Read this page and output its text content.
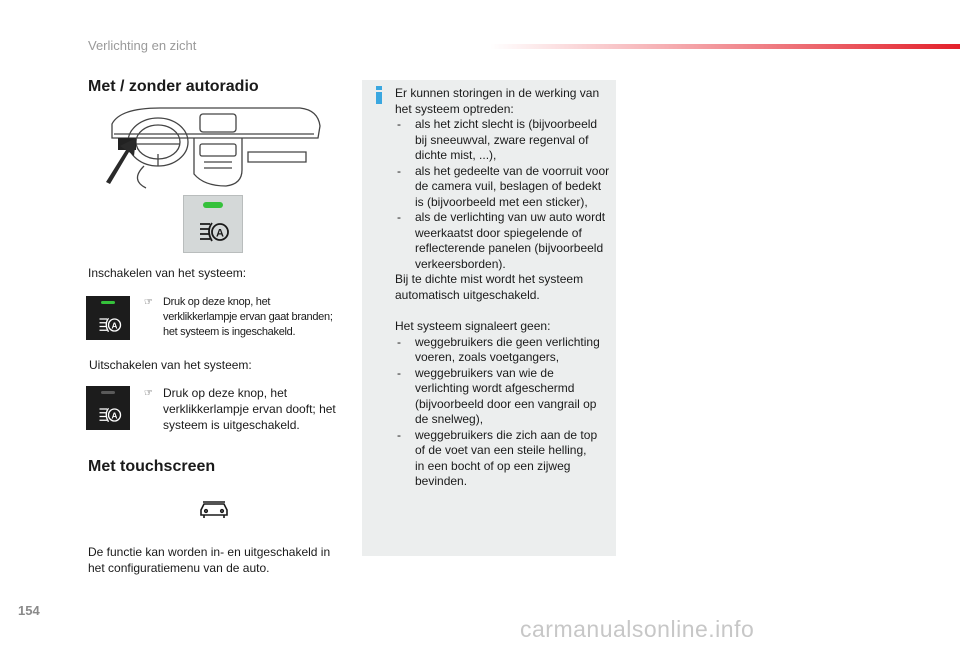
Verlichting en zicht
Met / zonder autoradio
A
Inschakelen van het systeem:
A
☞ Druk op deze knop, het
verklikkerlampje ervan gaat branden;
het systeem is ingeschakeld.
Uitschakelen van het systeem:
A
☞ Druk op deze knop, het
verklikkerlampje ervan dooft; het
systeem is uitgeschakeld.
Met touchscreen
De functie kan worden in- en uitgeschakeld in
het configuratiemenu van de auto.

Er kunnen storingen in de werking van
het systeem optreden:

- als het zicht slecht is (bijvoorbeeld
bij sneeuwval, zware regenval of
dichte mist, ...),
- als het gedeelte van de voorruit voor
de camera vuil, beslagen of bedekt
is (bijvoorbeeld met een sticker),
- als de verlichting van uw auto wordt
weerkaatst door spiegelende of
reflecterende panelen (bijvoorbeeld
verkeersborden).

Bij te dichte mist wordt het systeem
automatisch uitgeschakeld.

Het systeem signaleert geen:

- weggebruikers die geen verlichting
voeren, zoals voetgangers,
- weggebruikers van wie de
verlichting wordt afgeschermd
(bijvoorbeeld door een vangrail op
de snelweg),
- weggebruikers die zich aan de top
of de voet van een steile helling,
in een bocht of op een zijweg
bevinden.
154
carmanualsonline.info
